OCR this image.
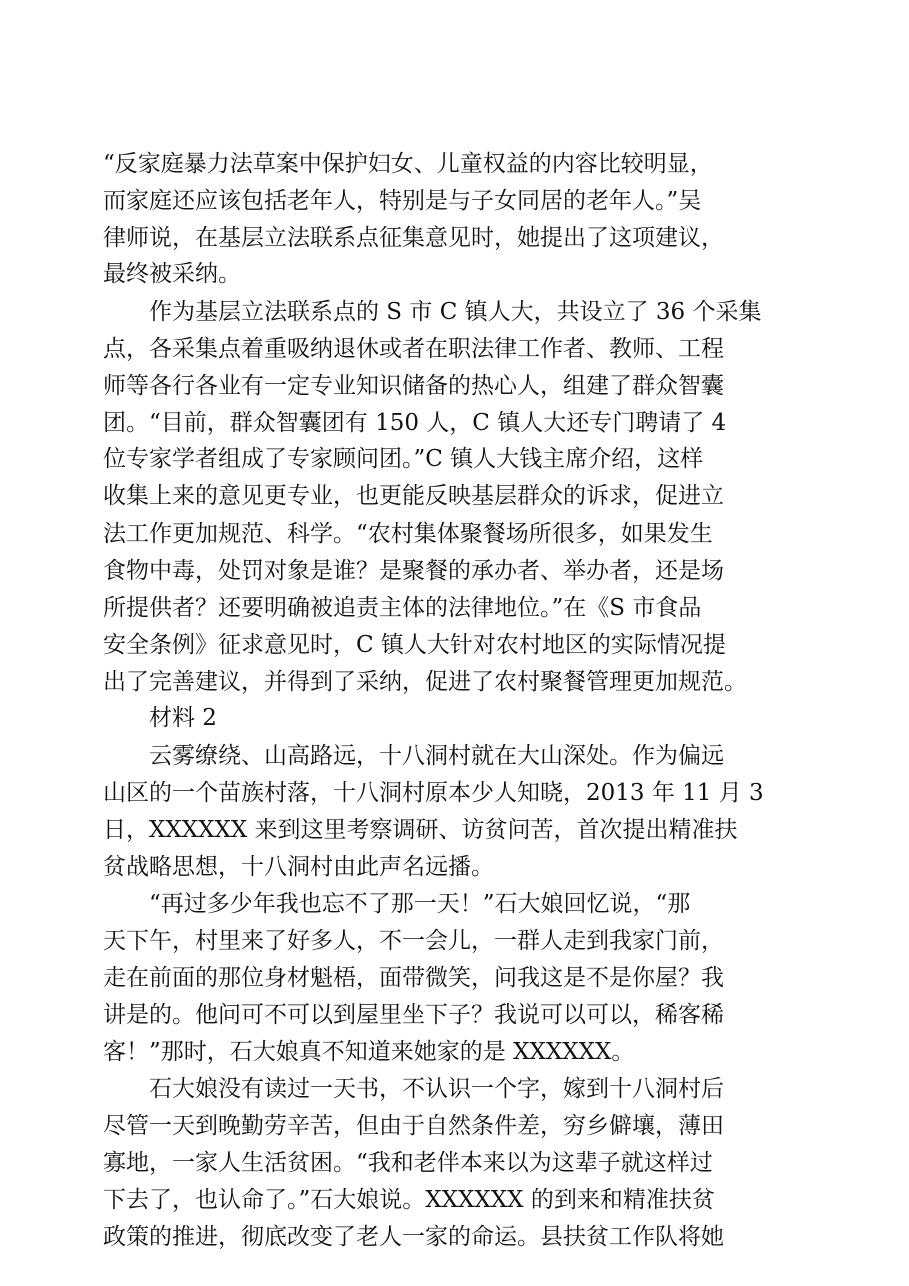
“反家庭暴力法草案中保护妇女、儿童权益的内容比较明显，
而家庭还应该包括老年人，特别是与子女同居的老年人。”吴
律师说，在基层立法联系点征集意见时，她提出了这项建议，
最终被采纳。
　　作为基层立法联系点的 S 市 C 镇人大，共设立了 36 个采集
点，各采集点着重吸纳退休或者在职法律工作者、教师、工程
师等各行各业有一定专业知识储备的热心人，组建了群众智囊
团。“目前，群众智囊团有 150 人，C 镇人大还专门聘请了 4
位专家学者组成了专家顾问团。”C 镇人大钱主席介绍，这样
收集上来的意见更专业，也更能反映基层群众的诉求，促进立
法工作更加规范、科学。“农村集体聚餐场所很多，如果发生
食物中毒，处罚对象是谁？是聚餐的承办者、举办者，还是场
所提供者？还要明确被追责主体的法律地位。”在《S 市食品
安全条例》征求意见时，C 镇人大针对农村地区的实际情况提
出了完善建议，并得到了采纳，促进了农村聚餐管理更加规范。
　　材料 2
　　云雾缭绕、山高路远，十八洞村就在大山深处。作为偏远
山区的一个苗族村落，十八洞村原本少人知晓，2013 年 11 月 3
日，XXXXXX 来到这里考察调研、访贫问苦，首次提出精准扶
贫战略思想，十八洞村由此声名远播。
　　“再过多少年我也忘不了那一天！”石大娘回忆说，“那
天下午，村里来了好多人，不一会儿，一群人走到我家门前，
走在前面的那位身材魁梧，面带微笑，问我这是不是你屋？我
讲是的。他问可不可以到屋里坐下子？我说可以可以，稀客稀
客！”那时，石大娘真不知道来她家的是 XXXXXX。
　　石大娘没有读过一天书，不认识一个字，嫁到十八洞村后
尽管一天到晚勤劳辛苦，但由于自然条件差，穷乡僻壤，薄田
寡地，一家人生活贫困。“我和老伴本来以为这辈子就这样过
下去了，也认命了。”石大娘说。XXXXXX 的到来和精准扶贫
政策的推进，彻底改变了老人一家的命运。县扶贫工作队将她
